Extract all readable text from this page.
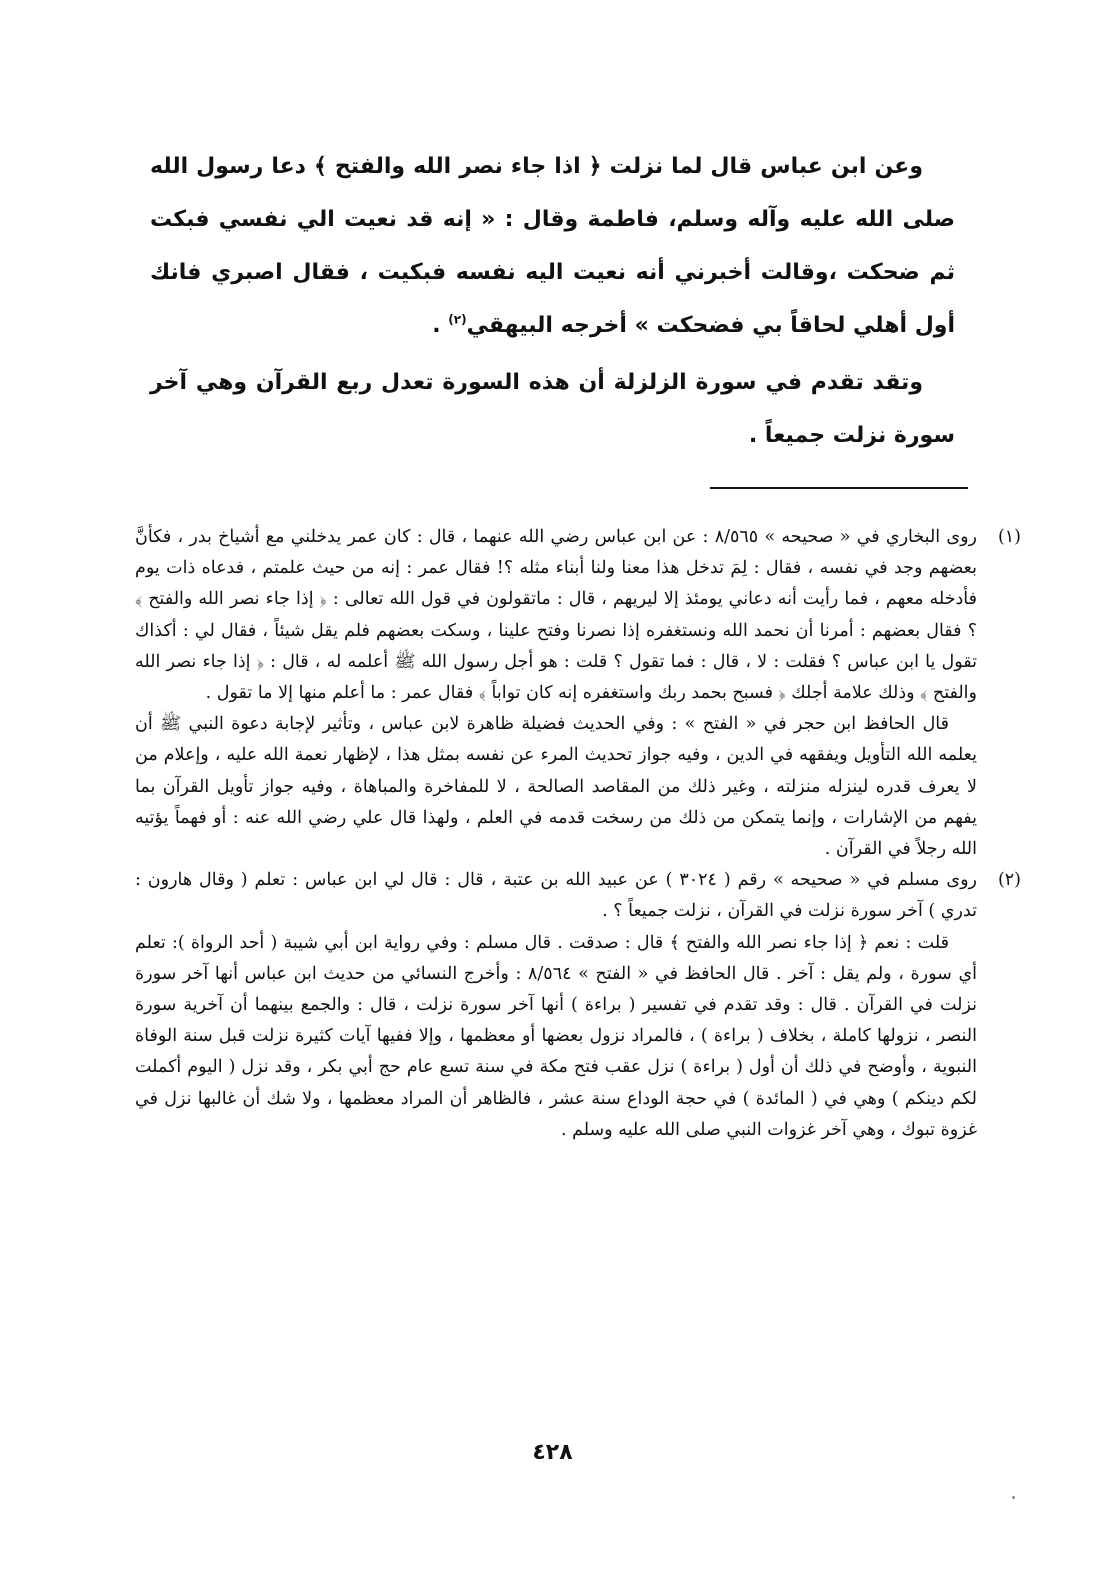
وعن ابن عباس قال لما نزلت ﴿ اذا جاء نصر الله والفتح ﴾ دعا رسول الله صلى الله عليه وآله وسلم، فاطمة وقال : « إنه قد نعيت الي نفسي فبكت ثم ضحكت ،وقالت أخبرني أنه نعيت اليه نفسه فبكيت ، فقال اصبري فانك أول أهلي لحاقاً بي فضحكت » أخرجه البيهقي$^{(٢)}$ .

وتقد تقدم في سورة الزلزلة أن هذه السورة تعدل ربع القرآن وهي آخر سورة نزلت جميعاً .

(١)

روى البخاري في « صحيحه » ٨/٥٦٥ : عن ابن عباس رضي الله عنهما ، قال : كان عمر يدخلني مع أشياخ بدر ، فكأنَّ بعضهم وجد في نفسه ، فقال : لِمَ تدخل هذا معنا ولنا أبناء مثله ؟! فقال عمر : إنه من حيث علمتم ، فدعاه ذات يوم فأدخله معهم ، فما رأيت أنه دعاني يومئذ إلا ليريهم ، قال : ماتقولون في قول الله تعالى : ﴿ إذا جاء نصر الله والفتح ﴾ ؟ فقال بعضهم : أمرنا أن نحمد الله ونستغفره إذا نصرنا وفتح علينا ، وسكت بعضهم فلم يقل شيئاً ، فقال لي : أكذاك تقول يا ابن عباس ؟ فقلت : لا ، قال : فما تقول ؟ قلت : هو أجل رسول الله ﷺ أعلمه له ، قال : ﴿ إذا جاء نصر الله والفتح ﴾ وذلك علامة أجلك ﴿ فسبح بحمد ربك واستغفره إنه كان تواباً ﴾ فقال عمر : ما أعلم منها إلا ما تقول .

قال الحافظ ابن حجر في « الفتح » : وفي الحديث فضيلة ظاهرة لابن عباس ، وتأثير لإجابة دعوة النبي ﷺ أن يعلمه الله التأويل ويفقهه في الدين ، وفيه جواز تحديث المرء عن نفسه بمثل هذا ، لإظهار نعمة الله عليه ، وإعلام من لا يعرف قدره لينزله منزلته ، وغير ذلك من المقاصد الصالحة ، لا للمفاخرة والمباهاة ، وفيه جواز تأويل القرآن بما يفهم من الإشارات ، وإنما يتمكن من ذلك من رسخت قدمه في العلم ، ولهذا قال علي رضي الله عنه : أو فهماً يؤتيه الله رجلاً في القرآن .

(٢)

روى مسلم في « صحيحه » رقم ( ٣٠٢٤ ) عن عبيد الله بن عتبة ، قال : قال لي ابن عباس : تعلم ( وقال هارون : تدري ) آخر سورة نزلت في القرآن ، نزلت جميعاً ؟ .

قلت : نعم ﴿ إذا جاء نصر الله والفتح ﴾ قال : صدقت . قال مسلم : وفي رواية ابن أبي شيبة ( أحد الرواة ): تعلم أي سورة ، ولم يقل : آخر . قال الحافظ في « الفتح » ٨/٥٦٤ : وأخرج النسائي من حديث ابن عباس أنها آخر سورة نزلت في القرآن . قال : وقد تقدم في تفسير ( براءة ) أنها آخر سورة نزلت ، قال : والجمع بينهما أن آخرية سورة النصر ، نزولها كاملة ، بخلاف ( براءة ) ، فالمراد نزول بعضها أو معظمها ، وإلا ففيها آيات كثيرة نزلت قبل سنة الوفاة النبوية ، وأوضح في ذلك أن أول ( براءة ) نزل عقب فتح مكة في سنة تسع عام حج أبي بكر ، وقد نزل ( اليوم أكملت لكم دينكم ) وهي في ( المائدة ) في حجة الوداع سنة عشر ، فالظاهر أن المراد معظمها ، ولا شك أن غالبها نزل في غزوة تبوك ، وهي آخر غزوات النبي صلى الله عليه وسلم .

٤٢٨
